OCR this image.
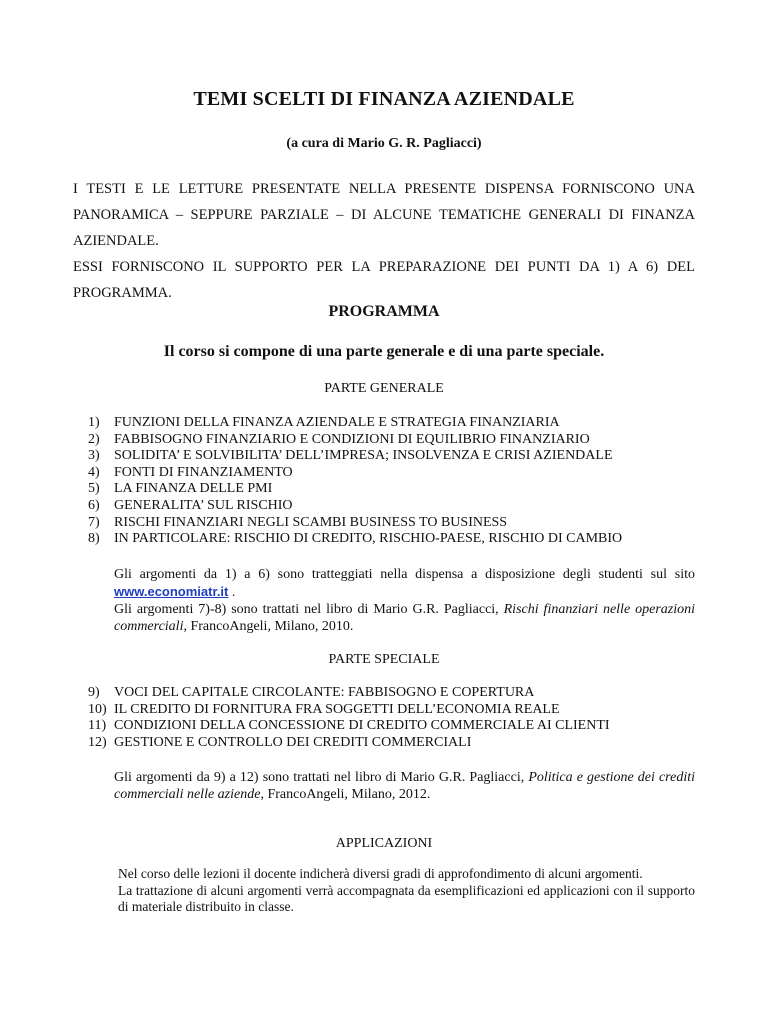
TEMI SCELTI DI FINANZA AZIENDALE
(a cura di Mario G. R. Pagliacci)

I TESTI E LE LETTURE PRESENTATE NELLA PRESENTE DISPENSA FORNISCONO UNA PANORAMICA – SEPPURE PARZIALE – DI ALCUNE TEMATICHE GENERALI DI FINANZA AZIENDALE.

ESSI FORNISCONO IL SUPPORTO PER LA PREPARAZIONE DEI PUNTI DA 1) A 6) DEL PROGRAMMA.

PROGRAMMA
Il corso si compone di una parte generale e di una parte speciale.
PARTE GENERALE
1)	FUNZIONI DELLA FINANZA AZIENDALE E STRATEGIA FINANZIARIA
2)	FABBISOGNO FINANZIARIO E CONDIZIONI DI EQUILIBRIO FINANZIARIO
3)	SOLIDITA’ E SOLVIBILITA’ DELL’IMPRESA; INSOLVENZA E CRISI AZIENDALE
4)	FONTI DI FINANZIAMENTO
5)	LA FINANZA DELLE PMI
6)	GENERALITA’ SUL RISCHIO
7)	RISCHI FINANZIARI NEGLI SCAMBI BUSINESS TO BUSINESS
8)	IN PARTICOLARE: RISCHIO DI CREDITO, RISCHIO-PAESE, RISCHIO DI CAMBIO

Gli argomenti da 1) a 6) sono tratteggiati nella dispensa a disposizione degli studenti sul sito www.economiatr.it .

Gli argomenti 7)-8) sono trattati nel libro di Mario G.R. Pagliacci, Rischi finanziari nelle operazioni commerciali, FrancoAngeli, Milano, 2010.

PARTE SPECIALE
9)	VOCI DEL CAPITALE CIRCOLANTE: FABBISOGNO E COPERTURA
10) IL CREDITO DI FORNITURA FRA SOGGETTI DELL’ECONOMIA REALE
11) CONDIZIONI DELLA CONCESSIONE DI CREDITO COMMERCIALE AI CLIENTI
12) GESTIONE E CONTROLLO DEI CREDITI COMMERCIALI

Gli argomenti da 9) a 12) sono trattati nel libro di Mario G.R. Pagliacci, Politica e gestione dei crediti commerciali nelle aziende, FrancoAngeli, Milano, 2012.

APPLICAZIONI

Nel corso delle lezioni il docente indicherà diversi gradi di approfondimento di alcuni argomenti.

La trattazione di alcuni argomenti verrà accompagnata da esemplificazioni ed applicazioni con il supporto di materiale distribuito in classe.
